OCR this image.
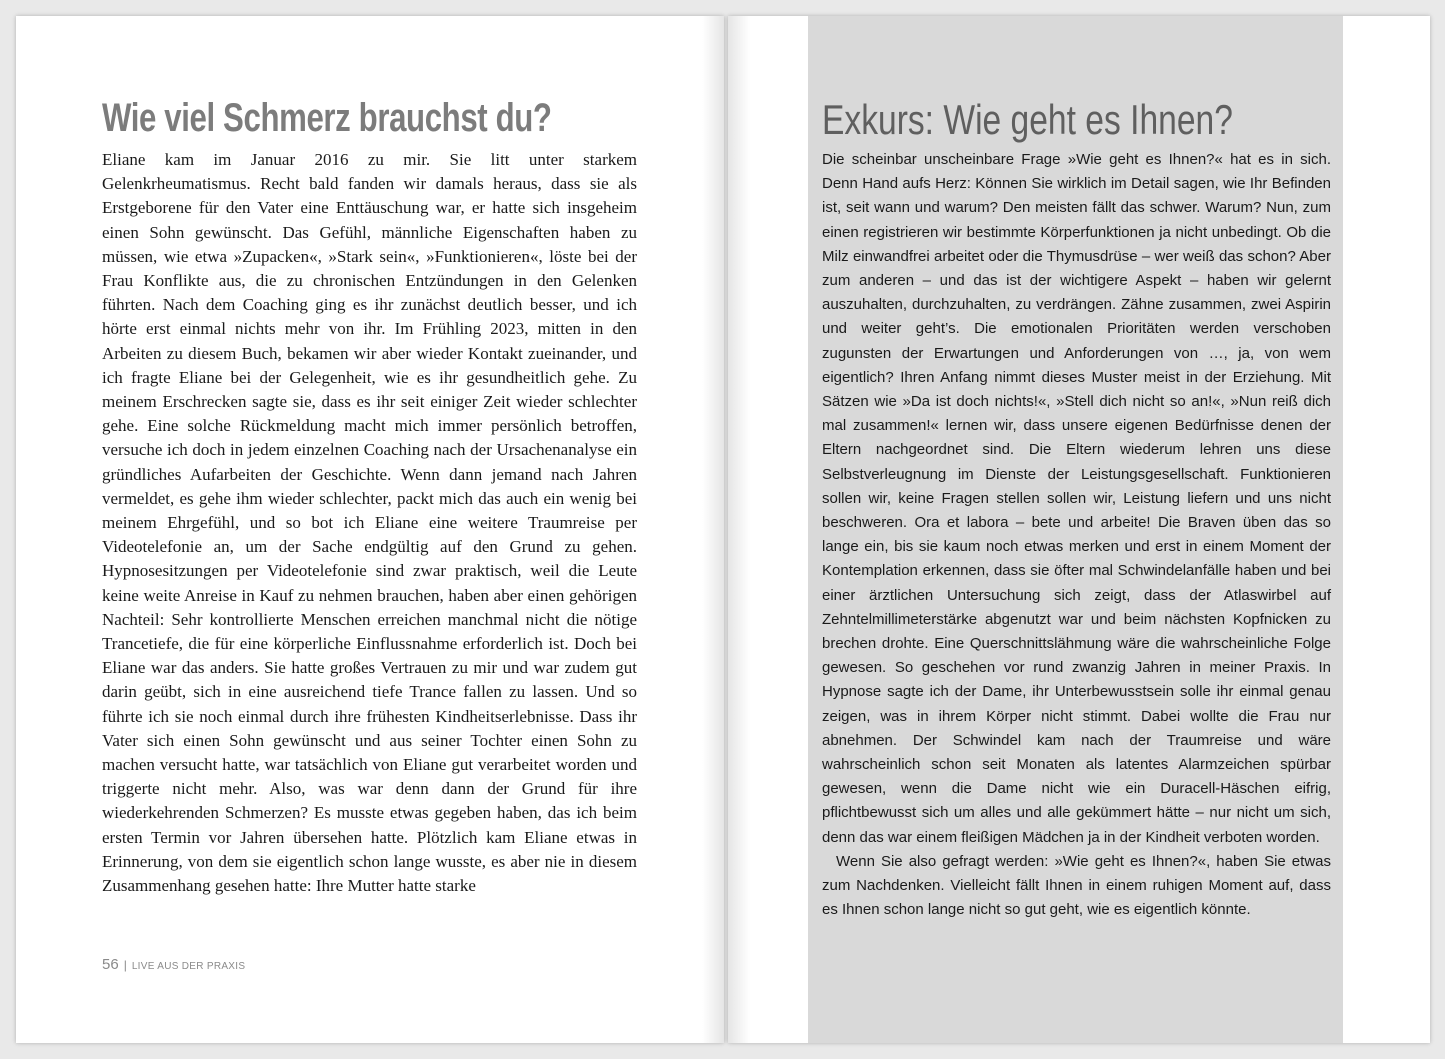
Wie viel Schmerz brauchst du?

Eliane kam im Januar 2016 zu mir. Sie litt unter starkem Gelenkrheumatismus. Recht bald fanden wir damals heraus, dass sie als Erstgeborene für den Vater eine Enttäuschung war, er hatte sich insgeheim einen Sohn gewünscht. Das Gefühl, männliche Eigenschaften haben zu müssen, wie etwa »Zupacken«, »Stark sein«, »Funktionieren«, löste bei der Frau Konflikte aus, die zu chronischen Entzündungen in den Gelenken führten. Nach dem Coaching ging es ihr zunächst deutlich besser, und ich hörte erst einmal nichts mehr von ihr. Im Frühling 2023, mitten in den Arbeiten zu diesem Buch, bekamen wir aber wieder Kontakt zueinander, und ich fragte Eliane bei der Gelegenheit, wie es ihr gesundheitlich gehe. Zu meinem Erschrecken sagte sie, dass es ihr seit einiger Zeit wieder schlechter gehe. Eine solche Rückmeldung macht mich immer persönlich betroffen, versuche ich doch in jedem einzelnen Coaching nach der Ursachenanalyse ein gründliches Aufarbeiten der Geschichte. Wenn dann jemand nach Jahren vermeldet, es gehe ihm wieder schlechter, packt mich das auch ein wenig bei meinem Ehrgefühl, und so bot ich Eliane eine weitere Traumreise per Videotelefonie an, um der Sache endgültig auf den Grund zu gehen. Hypnosesitzungen per Videotelefonie sind zwar praktisch, weil die Leute keine weite Anreise in Kauf zu nehmen brauchen, haben aber einen gehörigen Nachteil: Sehr kontrollierte Menschen erreichen manchmal nicht die nötige Trancetiefe, die für eine körperliche Einflussnahme erforderlich ist. Doch bei Eliane war das anders. Sie hatte großes Vertrauen zu mir und war zudem gut darin geübt, sich in eine ausreichend tiefe Trance fallen zu lassen. Und so führte ich sie noch einmal durch ihre frühesten Kindheitserlebnisse. Dass ihr Vater sich einen Sohn gewünscht und aus seiner Tochter einen Sohn zu machen versucht hatte, war tatsächlich von Eliane gut verarbeitet worden und triggerte nicht mehr. Also, was war denn dann der Grund für ihre wiederkehrenden Schmerzen? Es musste etwas gegeben haben, das ich beim ersten Termin vor Jahren übersehen hatte. Plötzlich kam Eliane etwas in Erinnerung, von dem sie eigentlich schon lange wusste, es aber nie in diesem Zusammenhang gesehen hatte: Ihre Mutter hatte starke

56 | LIVE AUS DER PRAXIS
Exkurs: Wie geht es Ihnen?

Die scheinbar unscheinbare Frage »Wie geht es Ihnen?« hat es in sich. Denn Hand aufs Herz: Können Sie wirklich im Detail sagen, wie Ihr Befinden ist, seit wann und warum? Den meisten fällt das schwer. Warum? Nun, zum einen registrieren wir bestimmte Körperfunktionen ja nicht unbedingt. Ob die Milz einwandfrei arbeitet oder die Thymusdrüse – wer weiß das schon? Aber zum anderen – und das ist der wichtigere Aspekt – haben wir gelernt auszuhalten, durchzuhalten, zu verdrängen. Zähne zusammen, zwei Aspirin und weiter geht’s. Die emotionalen Prioritäten werden verschoben zugunsten der Erwartungen und Anforderungen von …, ja, von wem eigentlich? Ihren Anfang nimmt dieses Muster meist in der Erziehung. Mit Sätzen wie »Da ist doch nichts!«, »Stell dich nicht so an!«, »Nun reiß dich mal zusammen!« lernen wir, dass unsere eigenen Bedürfnisse denen der Eltern nachgeordnet sind. Die Eltern wiederum lehren uns diese Selbstverleugnung im Dienste der Leistungsgesellschaft. Funktionieren sollen wir, keine Fragen stellen sollen wir, Leistung liefern und uns nicht beschweren. Ora et labora – bete und arbeite! Die Braven üben das so lange ein, bis sie kaum noch etwas merken und erst in einem Moment der Kontemplation erkennen, dass sie öfter mal Schwindelanfälle haben und bei einer ärztlichen Untersuchung sich zeigt, dass der Atlaswirbel auf Zehntelmillimeterstärke abgenutzt war und beim nächsten Kopfnicken zu brechen drohte. Eine Querschnittslähmung wäre die wahrscheinliche Folge gewesen. So geschehen vor rund zwanzig Jahren in meiner Praxis. In Hypnose sagte ich der Dame, ihr Unterbewusstsein solle ihr einmal genau zeigen, was in ihrem Körper nicht stimmt. Dabei wollte die Frau nur abnehmen. Der Schwindel kam nach der Traumreise und wäre wahrscheinlich schon seit Monaten als latentes Alarmzeichen spürbar gewesen, wenn die Dame nicht wie ein Duracell-Häschen eifrig, pflichtbewusst sich um alles und alle gekümmert hätte – nur nicht um sich, denn das war einem fleißigen Mädchen ja in der Kindheit verboten worden.

Wenn Sie also gefragt werden: »Wie geht es Ihnen?«, haben Sie etwas zum Nachdenken. Vielleicht fällt Ihnen in einem ruhigen Moment auf, dass es Ihnen schon lange nicht so gut geht, wie es eigentlich könnte.
